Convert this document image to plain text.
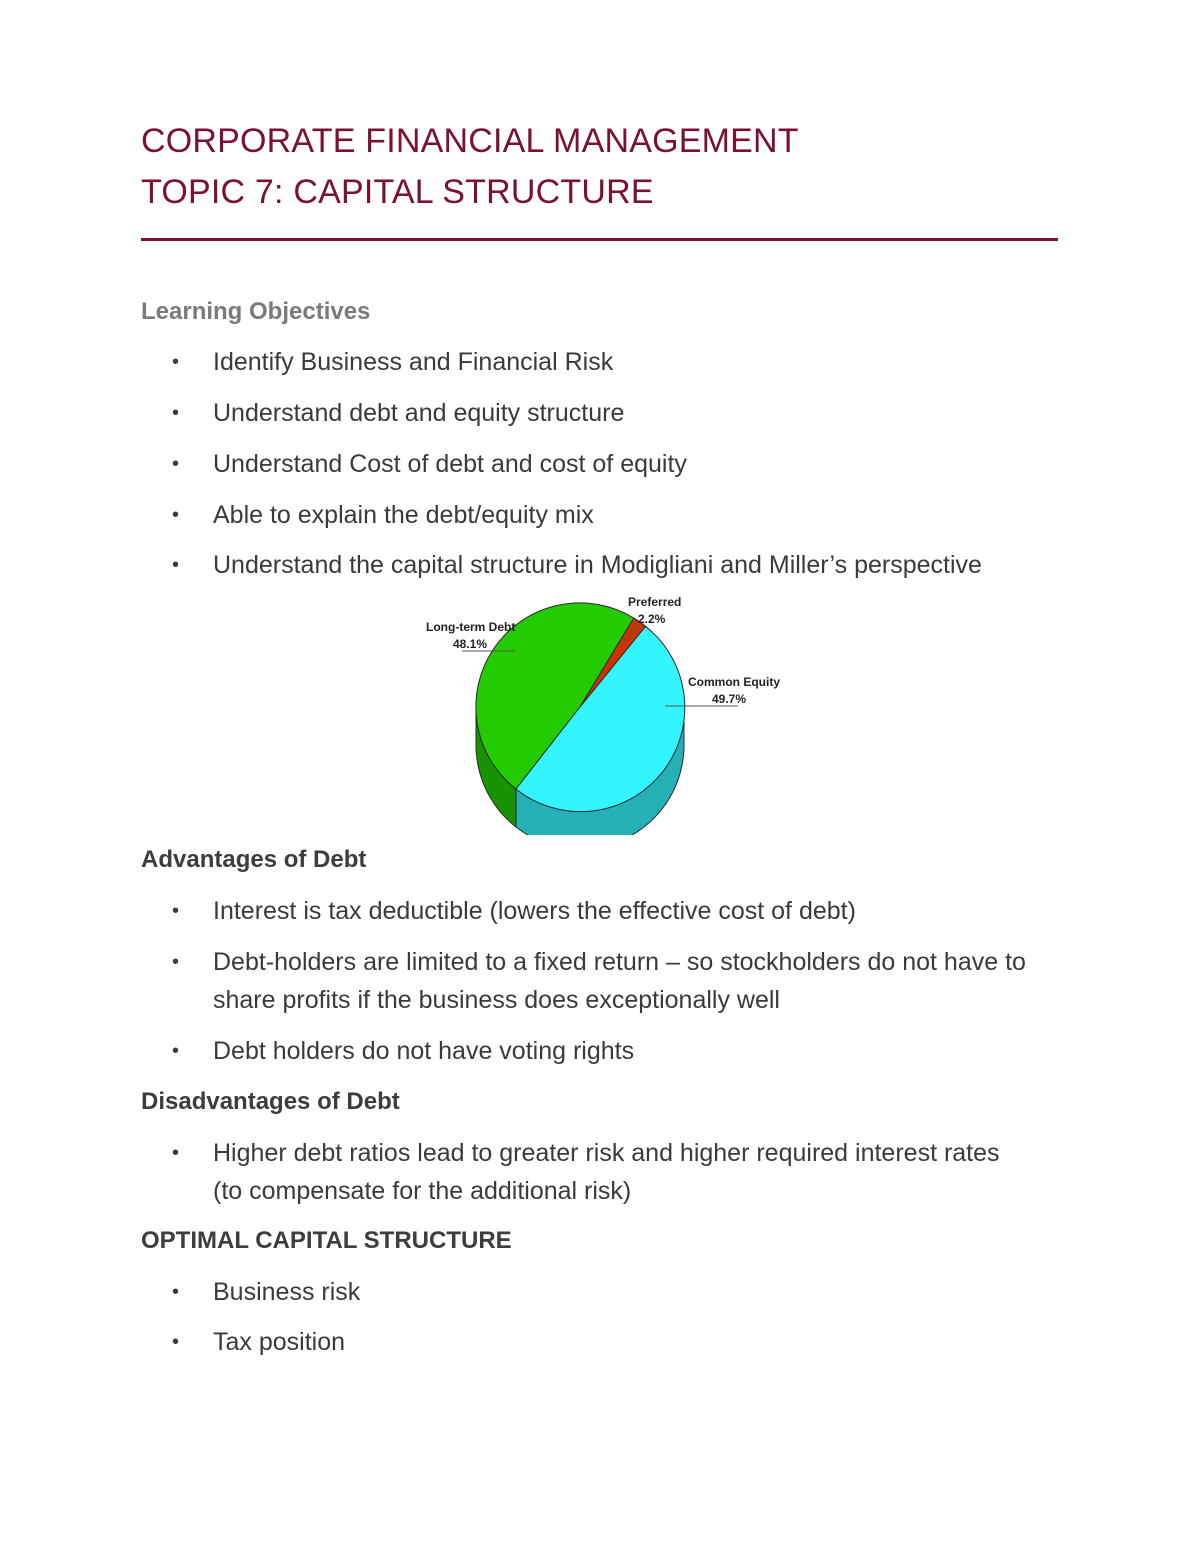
CORPORATE FINANCIAL MANAGEMENT
TOPIC 7: CAPITAL STRUCTURE
Learning Objectives
•	Identify Business and Financial Risk
•	Understand debt and equity structure
•	Understand Cost of debt and cost of equity
•	Able to explain the debt/equity mix
•	Understand the capital structure in Modigliani and Miller’s perspective
Long-term Debt
48.1%
Preferred
2.2%
Common Equity
49.7%
Advantages of Debt
•	Interest is tax deductible (lowers the effective cost of debt)
•	Debt-holders are limited to a fixed return – so stockholders do not have to share profits if the business does exceptionally well
•	Debt holders do not have voting rights
Disadvantages of Debt
•	Higher debt ratios lead to greater risk and higher required interest rates (to compensate for the additional risk)
OPTIMAL CAPITAL STRUCTURE
•	Business risk
•	Tax position
